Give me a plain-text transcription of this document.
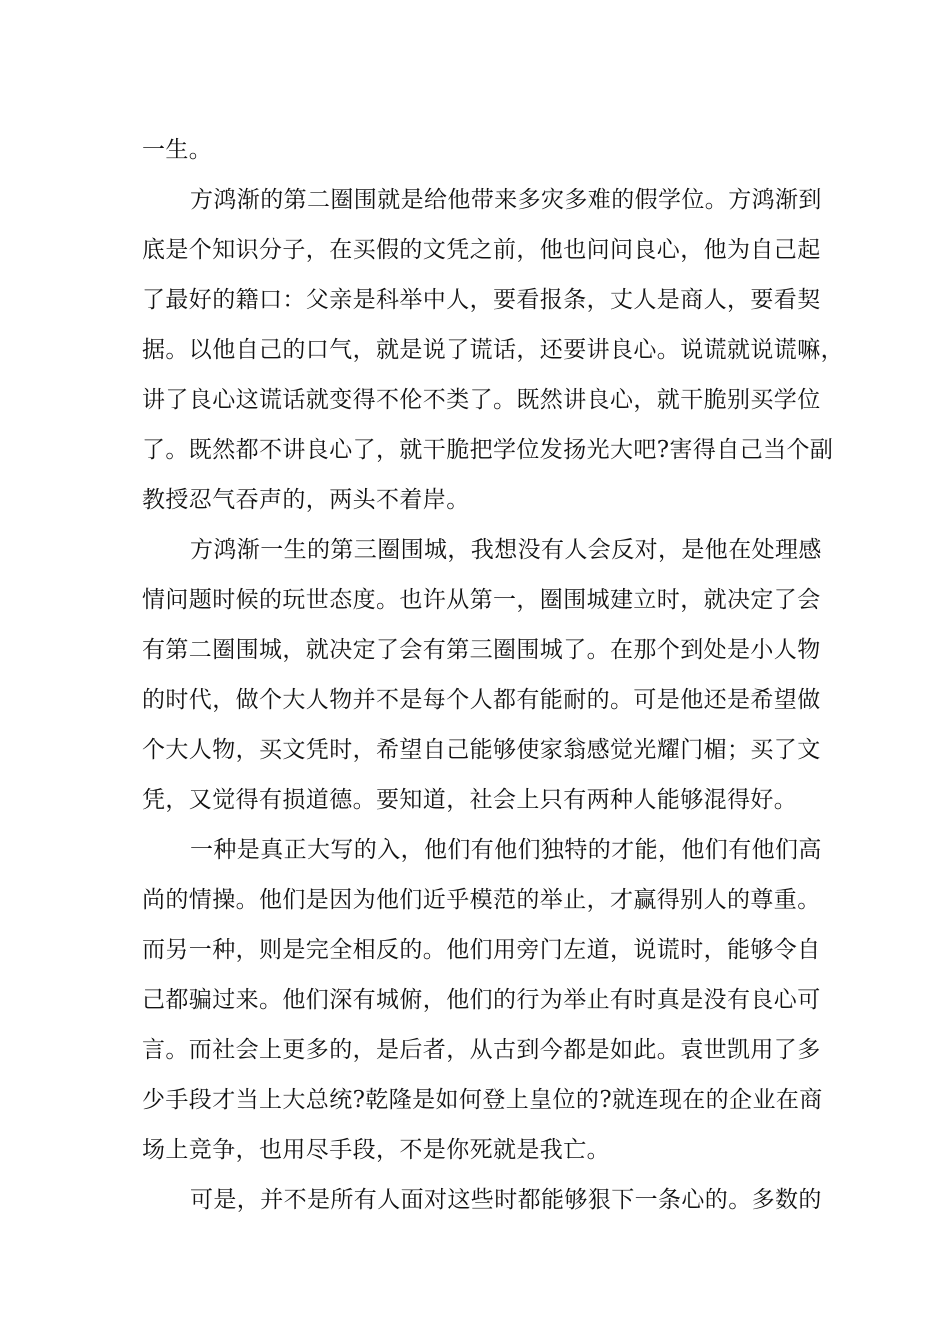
一生。
方鸿渐的第二圈围就是给他带来多灾多难的假学位。方鸿渐到
底是个知识分子，在买假的文凭之前，他也问问良心，他为自己起
了最好的籍口：父亲是科举中人，要看报条，丈人是商人，要看契
据。以他自己的口气，就是说了谎话，还要讲良心。说谎就说谎嘛，
讲了良心这谎话就变得不伦不类了。既然讲良心，就干脆别买学位
了。既然都不讲良心了，就干脆把学位发扬光大吧?害得自己当个副
教授忍气吞声的，两头不着岸。
方鸿渐一生的第三圈围城，我想没有人会反对，是他在处理感
情问题时候的玩世态度。也许从第一，圈围城建立时，就决定了会
有第二圈围城，就决定了会有第三圈围城了。在那个到处是小人物
的时代，做个大人物并不是每个人都有能耐的。可是他还是希望做
个大人物，买文凭时，希望自己能够使家翁感觉光耀门楣；买了文
凭，又觉得有损道德。要知道，社会上只有两种人能够混得好。
一种是真正大写的入，他们有他们独特的才能，他们有他们高
尚的情操。他们是因为他们近乎模范的举止，才赢得别人的尊重。
而另一种，则是完全相反的。他们用旁门左道，说谎时，能够令自
己都骗过来。他们深有城俯，他们的行为举止有时真是没有良心可
言。而社会上更多的，是后者，从古到今都是如此。袁世凯用了多
少手段才当上大总统?乾隆是如何登上皇位的?就连现在的企业在商
场上竞争，也用尽手段，不是你死就是我亡。
可是，并不是所有人面对这些时都能够狠下一条心的。多数的
